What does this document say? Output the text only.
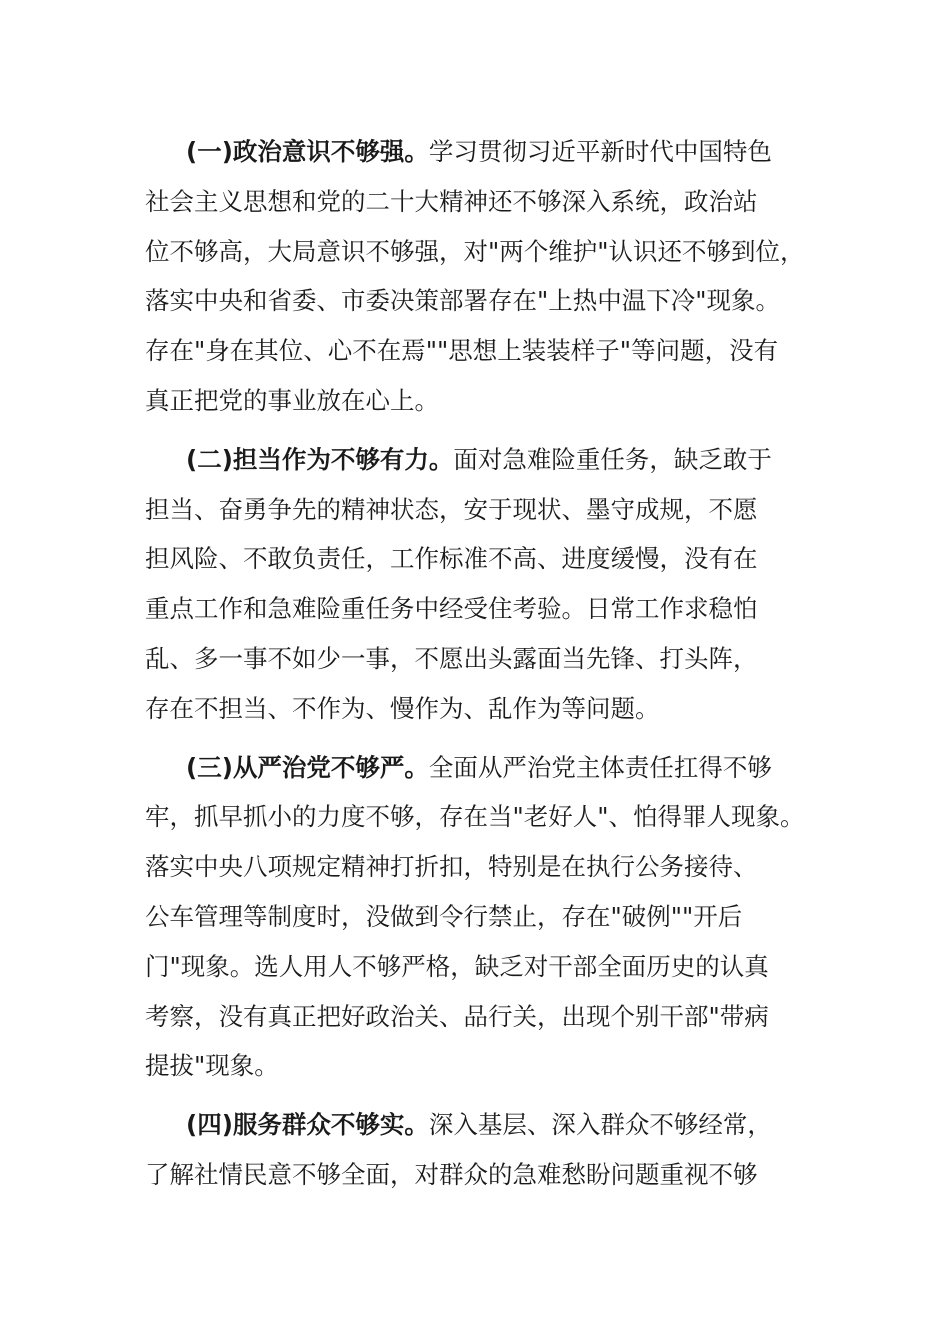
(一)政治意识不够强。学习贯彻习近平新时代中国特色
社会主义思想和党的二十大精神还不够深入系统，政治站
位不够高，大局意识不够强，对"两个维护"认识还不够到位，
落实中央和省委、市委决策部署存在"上热中温下冷"现象。
存在"身在其位、心不在焉""思想上装装样子"等问题，没有
真正把党的事业放在心上。
(二)担当作为不够有力。面对急难险重任务，缺乏敢于
担当、奋勇争先的精神状态，安于现状、墨守成规，不愿
担风险、不敢负责任，工作标准不高、进度缓慢，没有在
重点工作和急难险重任务中经受住考验。日常工作求稳怕
乱、多一事不如少一事，不愿出头露面当先锋、打头阵，
存在不担当、不作为、慢作为、乱作为等问题。
(三)从严治党不够严。全面从严治党主体责任扛得不够
牢，抓早抓小的力度不够，存在当"老好人"、怕得罪人现象。
落实中央八项规定精神打折扣，特别是在执行公务接待、
公车管理等制度时，没做到令行禁止，存在"破例""开后
门"现象。选人用人不够严格，缺乏对干部全面历史的认真
考察，没有真正把好政治关、品行关，出现个别干部"带病
提拔"现象。
(四)服务群众不够实。深入基层、深入群众不够经常，
了解社情民意不够全面，对群众的急难愁盼问题重视不够
